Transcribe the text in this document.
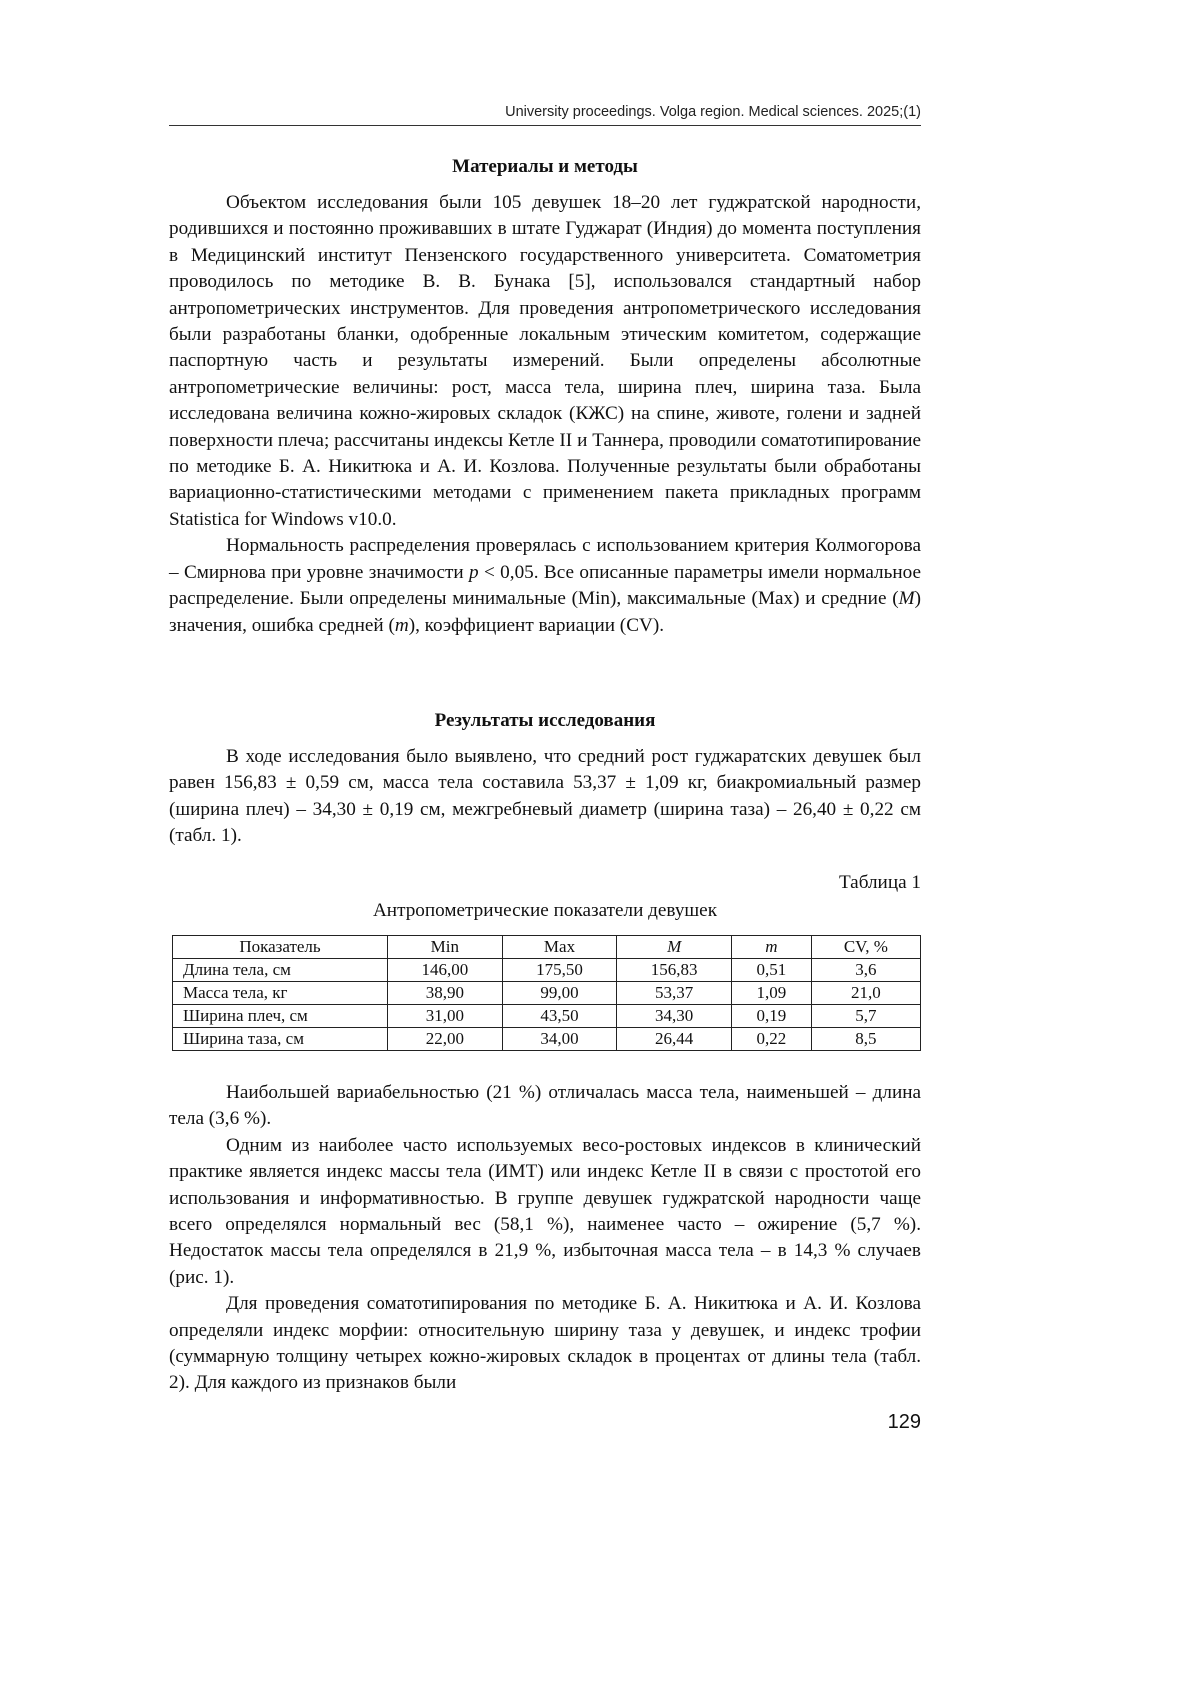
University proceedings. Volga region. Medical sciences. 2025;(1)
Материалы и методы

Объектом исследования были 105 девушек 18–20 лет гуджратской народности, родившихся и постоянно проживавших в штате Гуджарат (Индия) до момента поступления в Медицинский институт Пензенского государственного университета. Соматометрия проводилось по методике В. В. Бунака [5], использовался стандартный набор антропометрических инструментов. Для проведения антропометрического исследования были разработаны бланки, одобренные локальным этическим комитетом, содержащие паспортную часть и результаты измерений. Были определены абсолютные антропометрические величины: рост, масса тела, ширина плеч, ширина таза. Была исследована величина кожно-жировых складок (КЖС) на спине, животе, голени и задней поверхности плеча; рассчитаны индексы Кетле II и Таннера, проводили соматотипирование по методике Б. А. Никитюка и А. И. Козлова. Полученные результаты были обработаны вариационно-статистическими методами с применением пакета прикладных программ Statistica for Windows v10.0.

Нормальность распределения проверялась с использованием критерия Колмогорова – Смирнова при уровне значимости p < 0,05. Все описанные параметры имели нормальное распределение. Были определены минимальные (Min), максимальные (Max) и средние (M) значения, ошибка средней (m), коэффициент вариации (CV).

Результаты исследования

В ходе исследования было выявлено, что средний рост гуджаратских девушек был равен 156,83 ± 0,59 см, масса тела составила 53,37 ± 1,09 кг, биакромиальный размер (ширина плеч) – 34,30 ± 0,19 см, межгребневый диаметр (ширина таза) – 26,40 ± 0,22 см (табл. 1).

Таблица 1
Антропометрические показатели девушек
Показатель	Min	Max	M	m	CV, %
Длина тела, см	146,00	175,50	156,83	0,51	3,6
Масса тела, кг	38,90	99,00	53,37	1,09	21,0
Ширина плеч, см	31,00	43,50	34,30	0,19	5,7
Ширина таза, см	22,00	34,00	26,44	0,22	8,5

Наибольшей вариабельностью (21 %) отличалась масса тела, наименьшей – длина тела (3,6 %).

Одним из наиболее часто используемых весо-ростовых индексов в клинический практике является индекс массы тела (ИМТ) или индекс Кетле II в связи с простотой его использования и информативностью. В группе девушек гуджратской народности чаще всего определялся нормальный вес (58,1 %), наименее часто – ожирение (5,7 %). Недостаток массы тела определялся в 21,9 %, избыточная масса тела – в 14,3 % случаев (рис. 1).

Для проведения соматотипирования по методике Б. А. Никитюка и А. И. Козлова определяли индекс морфии: относительную ширину таза у девушек, и индекс трофии (суммарную толщину четырех кожно-жировых складок в процентах от длины тела (табл. 2). Для каждого из признаков были

129
